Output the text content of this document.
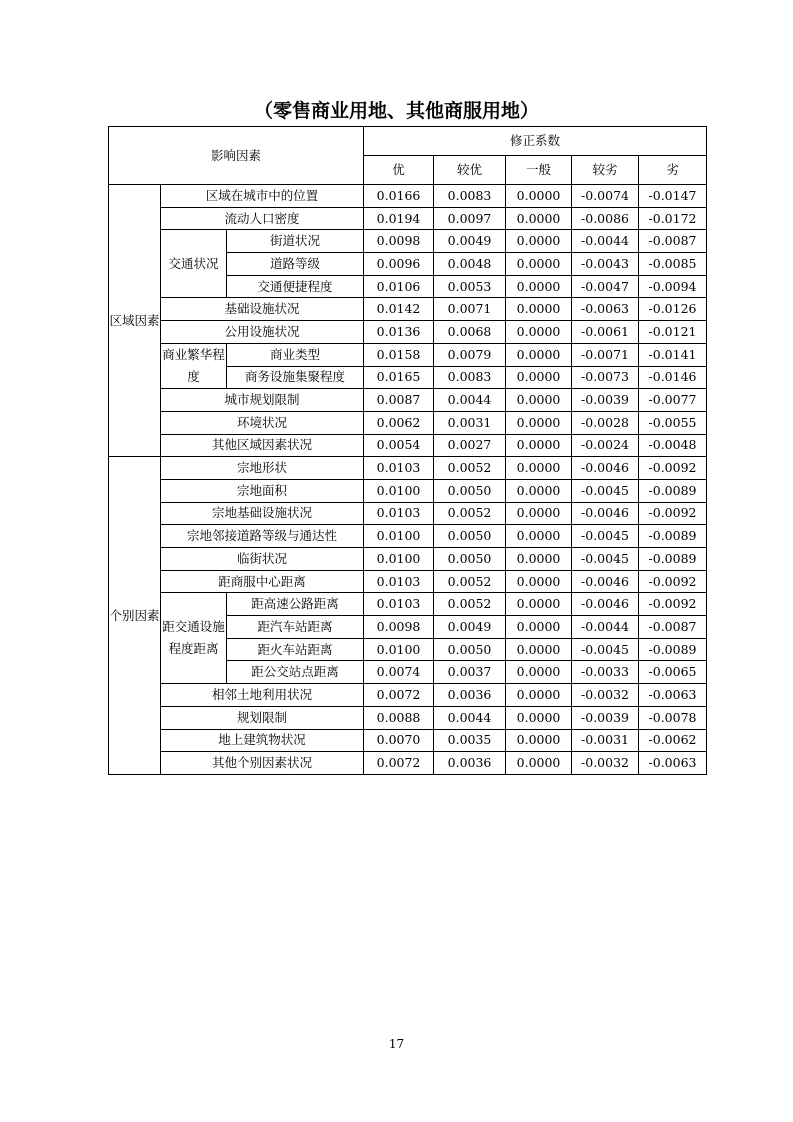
（零售商业用地、其他商服用地）
影响因素			修正系数				
			优	较优	一般	较劣	劣
区域因素	区域在城市中的位置		0.0166	0.0083	0.0000	-0.0074	-0.0147
	流动人口密度		0.0194	0.0097	0.0000	-0.0086	-0.0172
	交通状况	街道状况	0.0098	0.0049	0.0000	-0.0044	-0.0087
		道路等级	0.0096	0.0048	0.0000	-0.0043	-0.0085
		交通便捷程度	0.0106	0.0053	0.0000	-0.0047	-0.0094
	基础设施状况		0.0142	0.0071	0.0000	-0.0063	-0.0126
	公用设施状况		0.0136	0.0068	0.0000	-0.0061	-0.0121
	商业繁华程度	商业类型	0.0158	0.0079	0.0000	-0.0071	-0.0141
		商务设施集聚程度	0.0165	0.0083	0.0000	-0.0073	-0.0146
	城市规划限制		0.0087	0.0044	0.0000	-0.0039	-0.0077
	环境状况		0.0062	0.0031	0.0000	-0.0028	-0.0055
	其他区域因素状况		0.0054	0.0027	0.0000	-0.0024	-0.0048
个别因素	宗地形状		0.0103	0.0052	0.0000	-0.0046	-0.0092
	宗地面积		0.0100	0.0050	0.0000	-0.0045	-0.0089
	宗地基础设施状况		0.0103	0.0052	0.0000	-0.0046	-0.0092
	宗地邻接道路等级与通达性		0.0100	0.0050	0.0000	-0.0045	-0.0089
	临街状况		0.0100	0.0050	0.0000	-0.0045	-0.0089
	距商服中心距离		0.0103	0.0052	0.0000	-0.0046	-0.0092
	距交通设施程度距离	距高速公路距离	0.0103	0.0052	0.0000	-0.0046	-0.0092
		距汽车站距离	0.0098	0.0049	0.0000	-0.0044	-0.0087
		距火车站距离	0.0100	0.0050	0.0000	-0.0045	-0.0089
		距公交站点距离	0.0074	0.0037	0.0000	-0.0033	-0.0065
	相邻土地利用状况		0.0072	0.0036	0.0000	-0.0032	-0.0063
	规划限制		0.0088	0.0044	0.0000	-0.0039	-0.0078
	地上建筑物状况		0.0070	0.0035	0.0000	-0.0031	-0.0062
	其他个别因素状况		0.0072	0.0036	0.0000	-0.0032	-0.0063
17
